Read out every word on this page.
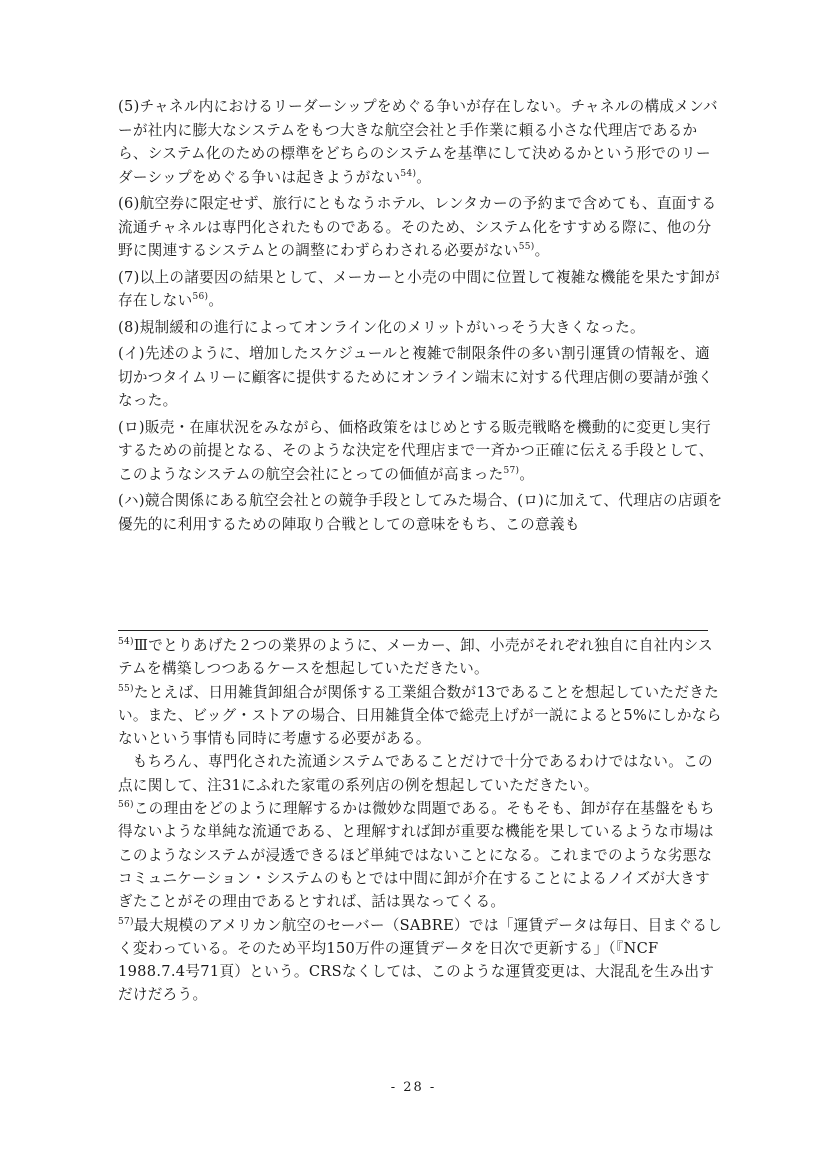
(5)チャネル内におけるリーダーシップをめぐる争いが存在しない。チャネルの構成メンバーが社内に膨大なシステムをもつ大きな航空会社と手作業に頼る小さな代理店であるから、システム化のための標準をどちらのシステムを基準にして決めるかという形でのリーダーシップをめぐる争いは起きようがない$^{54)}$。

(6)航空券に限定せず、旅行にともなうホテル、レンタカーの予約まで含めても、直面する流通チャネルは専門化されたものである。そのため、システム化をすすめる際に、他の分野に関連するシステムとの調整にわずらわされる必要がない$^{55)}$。

(7)以上の諸要因の結果として、メーカーと小売の中間に位置して複雑な機能を果たす卸が存在しない$^{56)}$。

(8)規制緩和の進行によってオンライン化のメリットがいっそう大きくなった。

(イ)先述のように、増加したスケジュールと複雑で制限条件の多い割引運賃の情報を、適切かつタイムリーに顧客に提供するためにオンライン端末に対する代理店側の要請が強くなった。

(ロ)販売・在庫状況をみながら、価格政策をはじめとする販売戦略を機動的に変更し実行するための前提となる、そのような決定を代理店まで一斉かつ正確に伝える手段として、このようなシステムの航空会社にとっての価値が高まった$^{57)}$。

(ハ)競合関係にある航空会社との競争手段としてみた場合、(ロ)に加えて、代理店の店頭を優先的に利用するための陣取り合戦としての意味をもち、この意義も

$^{54)}$Ⅲでとりあげた２つの業界のように、メーカー、卸、小売がそれぞれ独自に自社内システムを構築しつつあるケースを想起していただきたい。

$^{55)}$たとえば、日用雑貨卸組合が関係する工業組合数が13であることを想起していただきたい。また、ビッグ・ストアの場合、日用雑貨全体で総売上げが一説によると5%にしかならないという事情も同時に考慮する必要がある。

もちろん、専門化された流通システムであることだけで十分であるわけではない。この点に関して、注31にふれた家電の系列店の例を想起していただきたい。

$^{56)}$この理由をどのように理解するかは微妙な問題である。そもそも、卸が存在基盤をもち得ないような単純な流通である、と理解すれば卸が重要な機能を果しているような市場はこのようなシステムが浸透できるほど単純ではないことになる。これまでのような劣悪なコミュニケーション・システムのもとでは中間に卸が介在することによるノイズが大きすぎたことがその理由であるとすれば、話は異なってくる。

$^{57)}$最大規模のアメリカン航空のセーバー（SABRE）では「運賃データは毎日、目まぐるしく変わっている。そのため平均150万件の運賃データを日次で更新する」（『NCF 1988.7.4号71頁）という。CRSなくしては、このような運賃変更は、大混乱を生み出すだけだろう。

- 28 -
